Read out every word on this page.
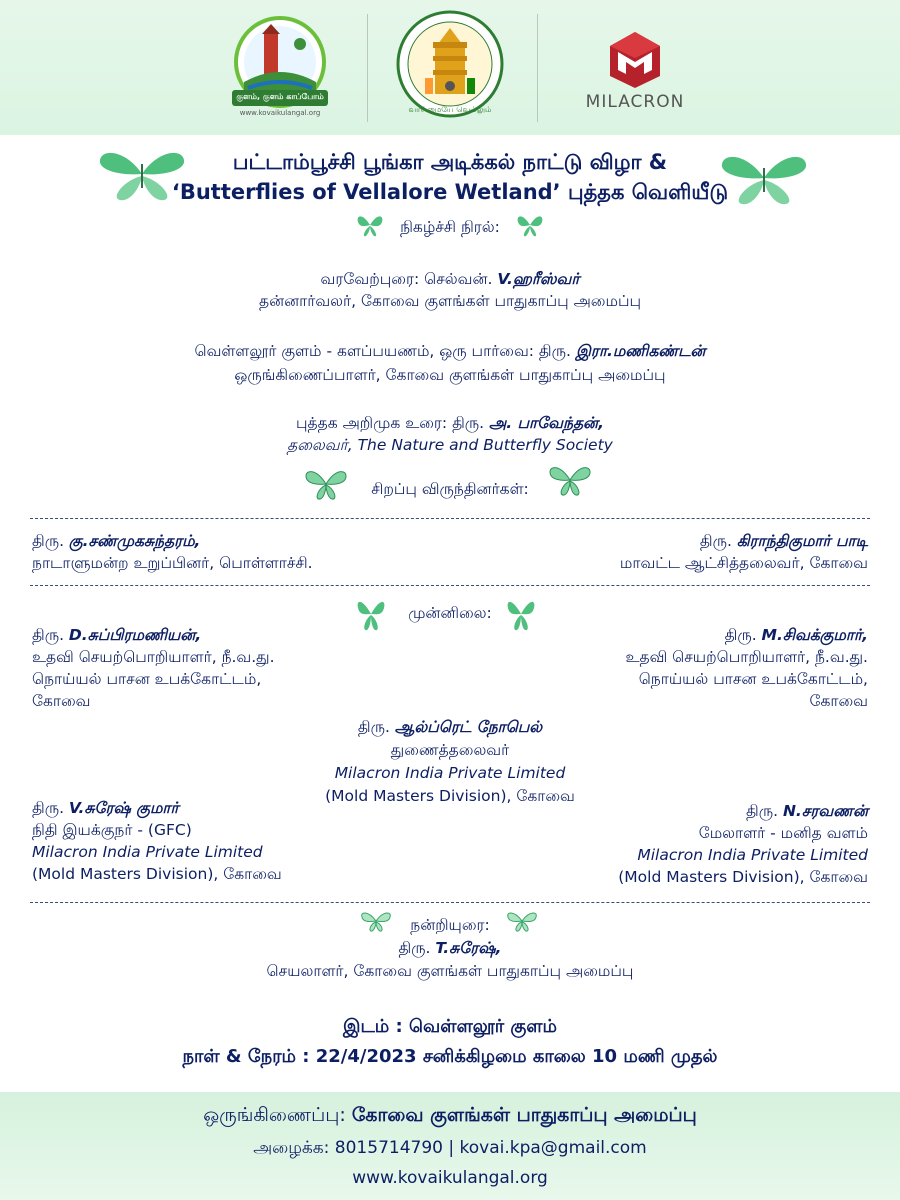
குளம், குளம் காப்போம்
www.kovaikulangal.org	வாய்மையே வெல்லும்	MILACRON
பட்டாம்பூச்சி பூங்கா அடிக்கல் நாட்டு விழா &
‘Butterflies of Vellalore Wetland’ புத்தக வெளியீடு
நிகழ்ச்சி நிரல்:
வரவேற்புரை: செல்வன். V.ஹரீஸ்வர்
தன்னார்வலர், கோவை குளங்கள் பாதுகாப்பு அமைப்பு
வெள்ளலூர் குளம் - களப்பயணம், ஒரு பார்வை: திரு. இரா.மணிகண்டன்
ஒருங்கிணைப்பாளர், கோவை குளங்கள் பாதுகாப்பு அமைப்பு
புத்தக அறிமுக உரை: திரு. அ. பாவேந்தன்,
தலைவர், The Nature and Butterfly Society
சிறப்பு விருந்தினர்கள்:
திரு. கு.சண்முகசுந்தரம்,
நாடாளுமன்ற உறுப்பினர், பொள்ளாச்சி.
திரு. கிராந்திகுமார் பாடி
மாவட்ட ஆட்சித்தலைவர், கோவை
முன்னிலை:
திரு. D.சுப்பிரமணியன்,
உதவி செயற்பொறியாளர், நீ.வ.து.
நொய்யல் பாசன உபக்கோட்டம்,
கோவை
திரு. M.சிவக்குமார்,
உதவி செயற்பொறியாளர், நீ.வ.து.
நொய்யல் பாசன உபக்கோட்டம்,
கோவை
திரு. ஆல்ப்ரெட் நோபெல்
துணைத்தலைவர்
Milacron India Private Limited
(Mold Masters Division), கோவை
திரு. V.சுரேஷ் குமார்
நிதி இயக்குநர் - (GFC)
Milacron India Private Limited
(Mold Masters Division), கோவை
திரு. N.சரவணன்
மேலாளர் - மனித வளம்
Milacron India Private Limited
(Mold Masters Division), கோவை
நன்றியுரை:
திரு. T.சுரேஷ்,
செயலாளர், கோவை குளங்கள் பாதுகாப்பு அமைப்பு
இடம் : வெள்ளலூர் குளம்
நாள் & நேரம் : 22/4/2023 சனிக்கிழமை காலை 10 மணி முதல்
ஒருங்கிணைப்பு: கோவை குளங்கள் பாதுகாப்பு அமைப்பு
அழைக்க: 8015714790 | kovai.kpa@gmail.com
www.kovaikulangal.org
